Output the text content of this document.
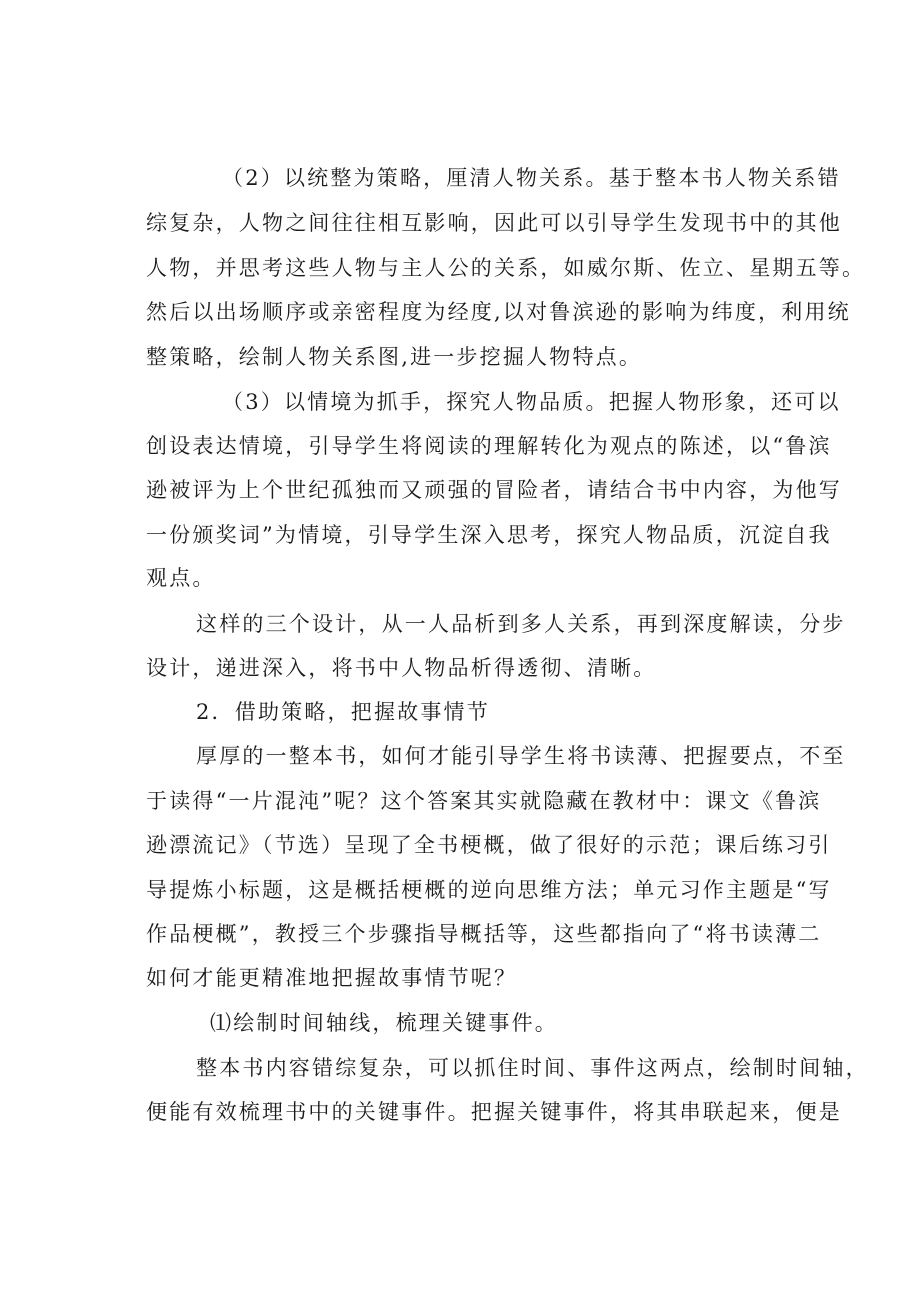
（2）以统整为策略，厘清人物关系。基于整本书人物关系错
综复杂，人物之间往往相互影响，因此可以引导学生发现书中的其他
人物，并思考这些人物与主人公的关系，如威尔斯、佐立、星期五等。
然后以出场顺序或亲密程度为经度,以对鲁滨逊的影响为纬度，利用统
整策略，绘制人物关系图,进一步挖掘人物特点。
（3）以情境为抓手，探究人物品质。把握人物形象，还可以
创设表达情境，引导学生将阅读的理解转化为观点的陈述，以“鲁滨
逊被评为上个世纪孤独而又顽强的冒险者，请结合书中内容，为他写
一份颁奖词”为情境，引导学生深入思考，探究人物品质，沉淀自我
观点。
这样的三个设计，从一人品析到多人关系，再到深度解读，分步
设计，递进深入，将书中人物品析得透彻、清晰。
2．借助策略，把握故事情节
厚厚的一整本书，如何才能引导学生将书读薄、把握要点，不至
于读得“一片混沌”呢？这个答案其实就隐藏在教材中：课文《鲁滨
逊漂流记》（节选）呈现了全书梗概，做了很好的示范；课后练习引
导提炼小标题，这是概括梗概的逆向思维方法；单元习作主题是“写
作品梗概”，教授三个步骤指导概括等，这些都指向了“将书读薄二
如何才能更精准地把握故事情节呢？
⑴绘制时间轴线，梳理关键事件。
整本书内容错综复杂，可以抓住时间、事件这两点，绘制时间轴，
便能有效梳理书中的关键事件。把握关键事件，将其串联起来，便是
